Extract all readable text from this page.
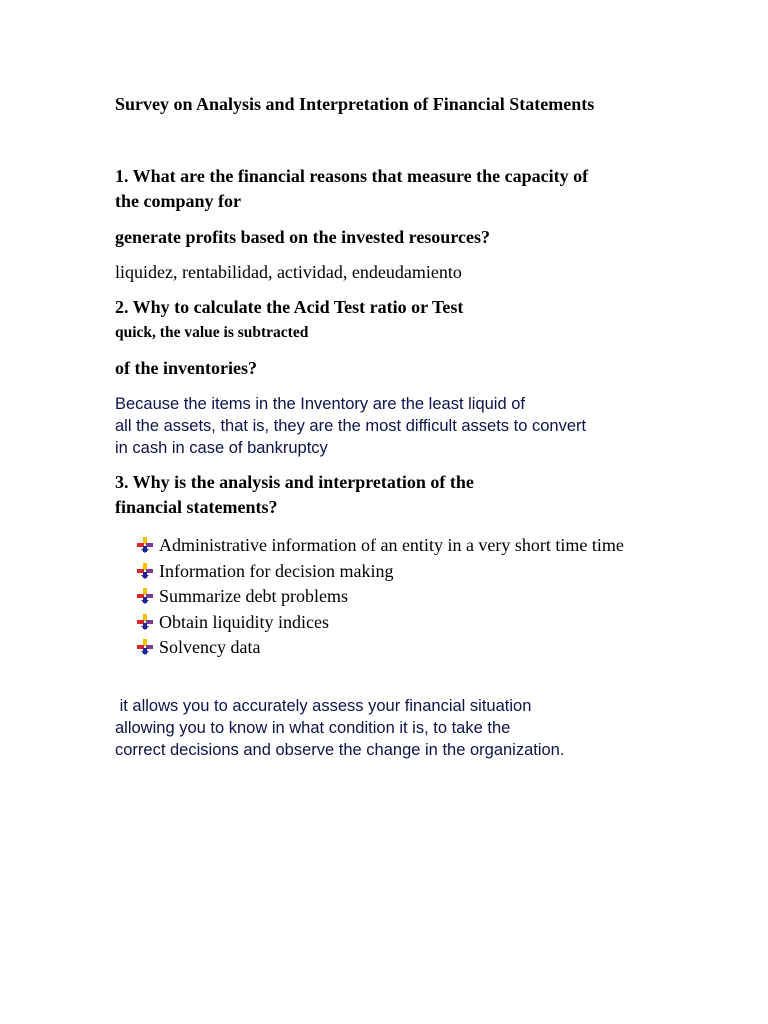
Survey on Analysis and Interpretation of Financial Statements

1. What are the financial reasons that measure the capacity of

the company for

generate profits based on the invested resources?

liquidez, rentabilidad, actividad, endeudamiento

2. Why to calculate the Acid Test ratio or Test

quick, the value is subtracted

of the inventories?

Because the items in the Inventory are the least liquid of

all the assets, that is, they are the most difficult assets to convert

in cash in case of bankruptcy

3. Why is the analysis and interpretation of the

financial statements?

Administrative information of an entity in a very short time time
Information for decision making
Summarize debt problems
Obtain liquidity indices
Solvency data

it allows you to accurately assess your financial situation

allowing you to know in what condition it is, to take the

correct decisions and observe the change in the organization.
